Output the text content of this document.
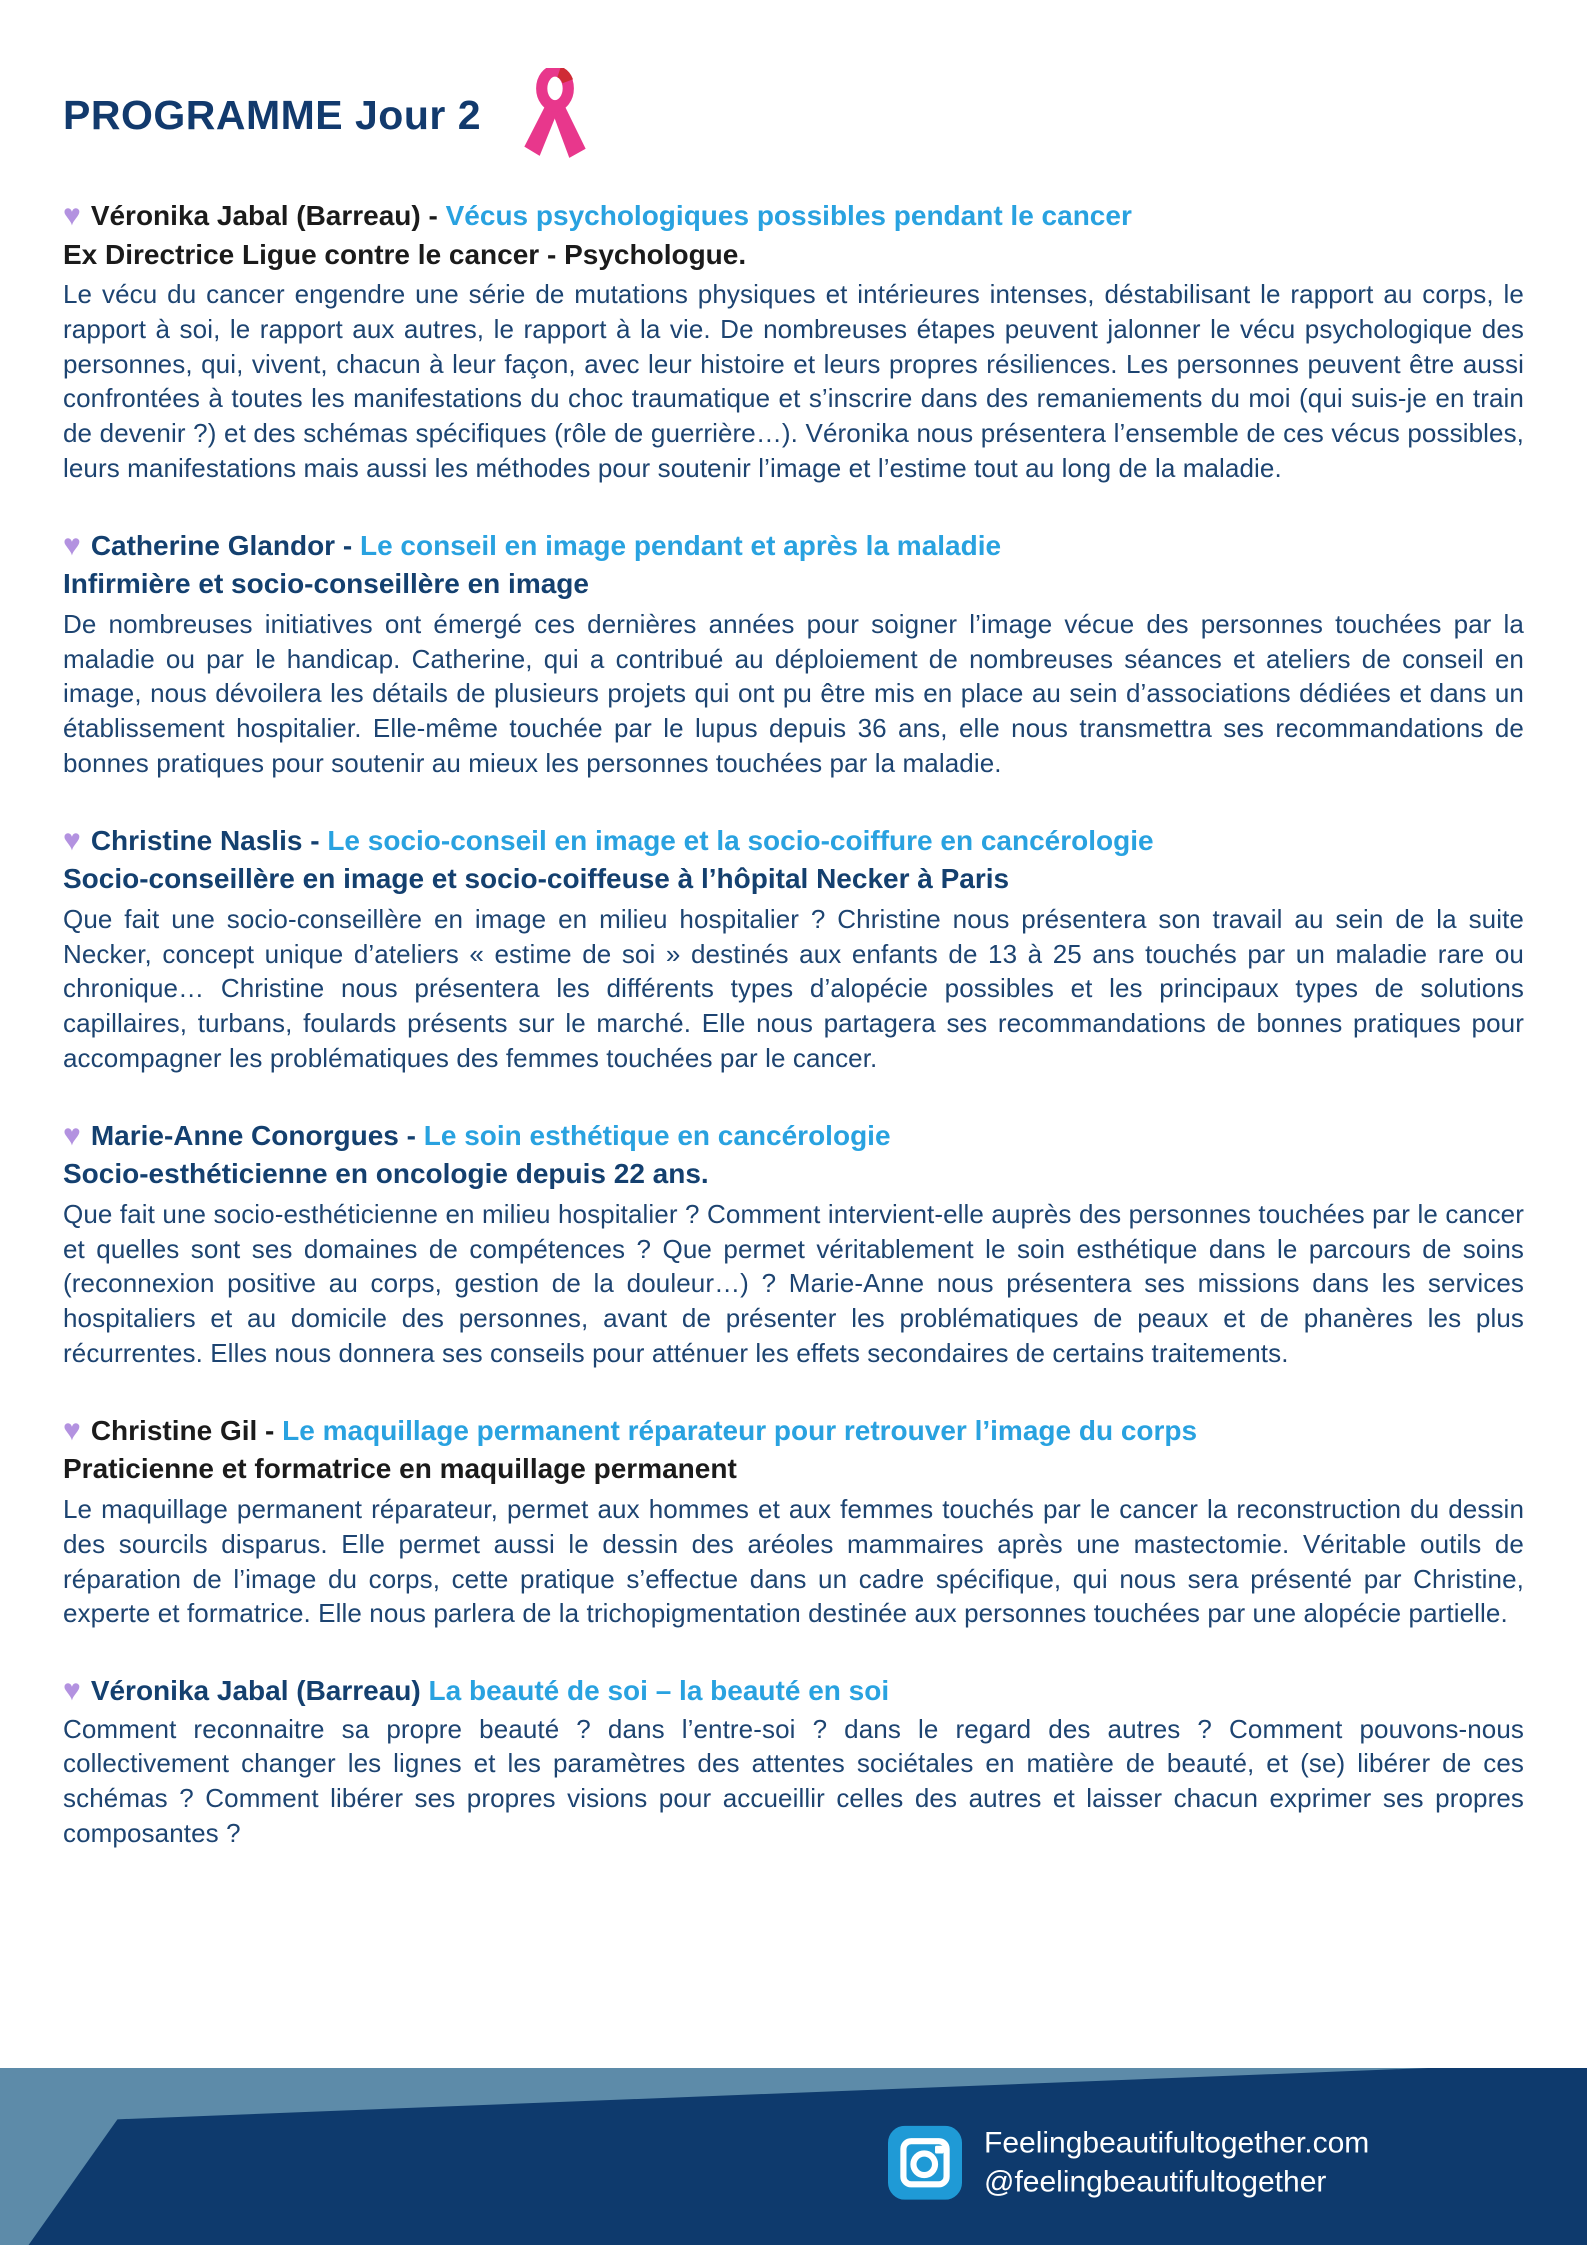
PROGRAMME Jour 2
♥ Véronika Jabal (Barreau) - Vécus psychologiques possibles pendant le cancer
Ex Directrice Ligue contre le cancer - Psychologue.
Le vécu du cancer engendre une série de mutations physiques et intérieures intenses, déstabilisant le rapport au corps, le rapport à soi, le rapport aux autres, le rapport à la vie. De nombreuses étapes peuvent jalonner le vécu psychologique des personnes, qui, vivent, chacun à leur façon, avec leur histoire et leurs propres résiliences. Les personnes peuvent être aussi confrontées à toutes les manifestations du choc traumatique et s’inscrire dans des remaniements du moi (qui suis-je en train de devenir ?) et des schémas spécifiques (rôle de guerrière…). Véronika nous présentera l’ensemble de ces vécus possibles, leurs manifestations mais aussi les méthodes pour soutenir l’image et l’estime tout au long de la maladie.
♥ Catherine Glandor - Le conseil en image pendant et après la maladie
Infirmière et socio-conseillère en image
De nombreuses initiatives ont émergé ces dernières années pour soigner l’image vécue des personnes touchées par la maladie ou par le handicap. Catherine, qui a contribué au déploiement de nombreuses séances et ateliers de conseil en image, nous dévoilera les détails de plusieurs projets qui ont pu être mis en place au sein d’associations dédiées et dans un établissement hospitalier. Elle-même touchée par le lupus depuis 36 ans, elle nous transmettra ses recommandations de bonnes pratiques pour soutenir au mieux les personnes touchées par la maladie.
♥ Christine Naslis - Le socio-conseil en image et la socio-coiffure en cancérologie
Socio-conseillère en image et socio-coiffeuse à l’hôpital Necker à Paris
Que fait une socio-conseillère en image en milieu hospitalier ? Christine nous présentera son travail au sein de la suite Necker, concept unique d’ateliers « estime de soi » destinés aux enfants de 13 à 25 ans touchés par un maladie rare ou chronique… Christine nous présentera les différents types d’alopécie possibles et les principaux types de solutions capillaires, turbans, foulards présents sur le marché. Elle nous partagera ses recommandations de bonnes pratiques pour accompagner les problématiques des femmes touchées par le cancer.
♥ Marie-Anne Conorgues - Le soin esthétique en cancérologie
Socio-esthéticienne en oncologie depuis 22 ans.
Que fait une socio-esthéticienne en milieu hospitalier ? Comment intervient-elle auprès des personnes touchées par le cancer et quelles sont ses domaines de compétences ? Que permet véritablement le soin esthétique dans le parcours de soins (reconnexion positive au corps, gestion de la douleur…) ? Marie-Anne nous présentera ses missions dans les services hospitaliers et au domicile des personnes, avant de présenter les problématiques de peaux et de phanères les plus récurrentes. Elles nous donnera ses conseils pour atténuer les effets secondaires de certains traitements.
♥ Christine Gil - Le maquillage permanent réparateur pour retrouver l’image du corps
Praticienne et formatrice en maquillage permanent
Le maquillage permanent réparateur, permet aux hommes et aux femmes touchés par le cancer la reconstruction du dessin des sourcils disparus. Elle permet aussi le dessin des aréoles mammaires après une mastectomie. Véritable outils de réparation de l’image du corps, cette pratique s’effectue dans un cadre spécifique, qui nous sera présenté par Christine, experte et formatrice. Elle nous parlera de la trichopigmentation destinée aux personnes touchées par une alopécie partielle.
♥ Véronika Jabal (Barreau) La beauté de soi – la beauté en soi
Comment reconnaitre sa propre beauté ? dans l’entre-soi ? dans le regard des autres ? Comment pouvons-nous collectivement changer les lignes et les paramètres des attentes sociétales en matière de beauté, et (se) libérer de ces schémas ? Comment libérer ses propres visions pour accueillir celles des autres et laisser chacun exprimer ses propres composantes ?
Feelingbeautifultogether.com
@feelingbeautifultogether
